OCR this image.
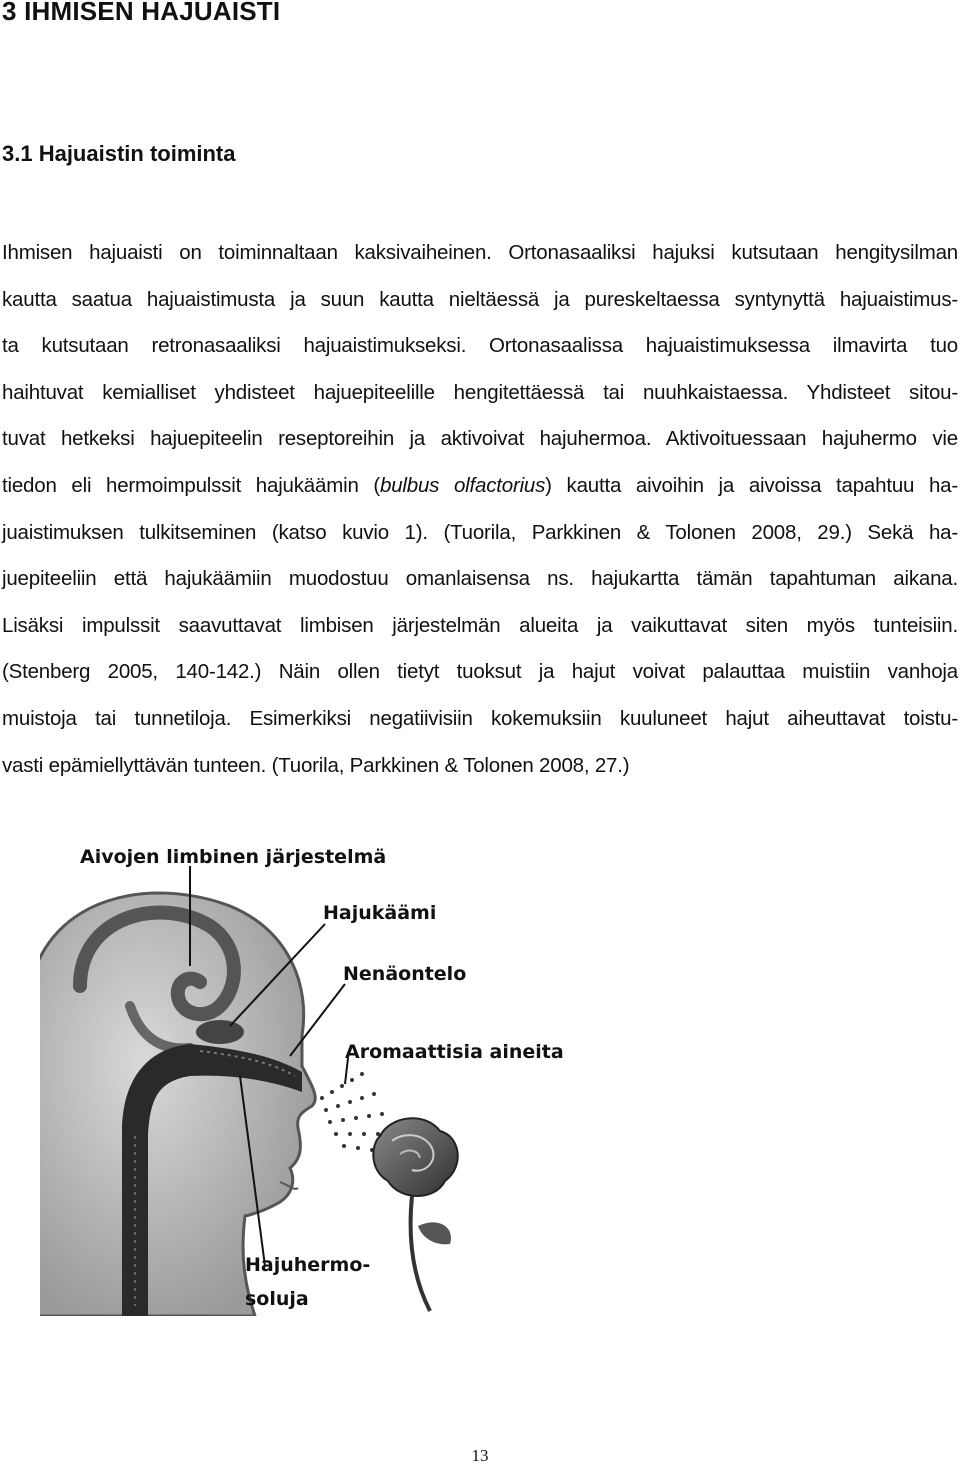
3 IHMISEN HAJUAISTI
3.1 Hajuaistin toiminta
Ihmisen hajuaisti on toiminnaltaan kaksivaiheinen. Ortonasaaliksi hajuksi kutsutaan hengitysilman
kautta saatua hajuaistimusta ja suun kautta nieltäessä ja pureskeltaessa syntynyttä hajuaistimus-
ta kutsutaan retronasaaliksi hajuaistimukseksi. Ortonasaalissa hajuaistimuksessa ilmavirta tuo
haihtuvat kemialliset yhdisteet hajuepiteelille hengitettäessä tai nuuhkaistaessa. Yhdisteet sitou-
tuvat hetkeksi hajuepiteelin reseptoreihin ja aktivoivat hajuhermoa. Aktivoituessaan hajuhermo vie
tiedon eli hermoimpulssit hajukäämin (bulbus olfactorius) kautta aivoihin ja aivoissa tapahtuu ha-
juaistimuksen tulkitseminen (katso kuvio 1). (Tuorila, Parkkinen & Tolonen 2008, 29.) Sekä ha-
juepiteeliin että hajukäämiin muodostuu omanlaisensa ns. hajukartta tämän tapahtuman aikana.
Lisäksi impulssit saavuttavat limbisen järjestelmän alueita ja vaikuttavat siten myös tunteisiin.
(Stenberg 2005, 140-142.) Näin ollen tietyt tuoksut ja hajut voivat palauttaa muistiin vanhoja
muistoja tai tunnetiloja. Esimerkiksi negatiivisiin kokemuksiin kuuluneet hajut aiheuttavat toistu-
vasti epämiellyttävän tunteen. (Tuorila, Parkkinen & Tolonen 2008, 27.)
Aivojen limbinen järjestelmä
Hajukäämi
Nenäontelo
Aromaattisia aineita
Hajuhermo-
soluja

13
